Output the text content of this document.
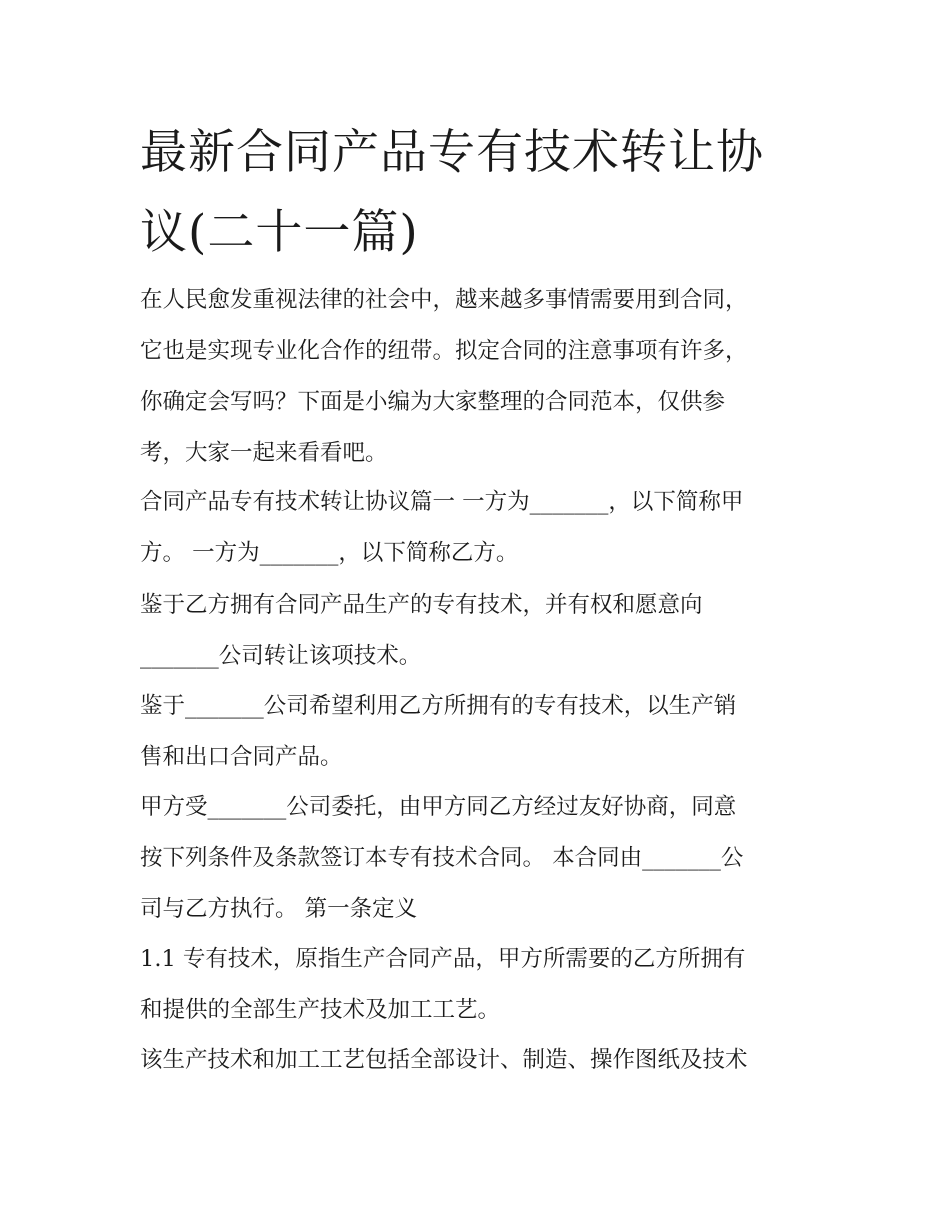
最新合同产品专有技术转让协
议(二十一篇)

在人民愈发重视法律的社会中，越来越多事情需要用到合同，
它也是实现专业化合作的纽带。拟定合同的注意事项有许多，
你确定会写吗？下面是小编为大家整理的合同范本，仅供参
考，大家一起来看看吧。

合同产品专有技术转让协议篇一 一方为_______，以下简称甲
方。 一方为_______，以下简称乙方。

鉴于乙方拥有合同产品生产的专有技术，并有权和愿意向
_______公司转让该项技术。

鉴于_______公司希望利用乙方所拥有的专有技术，以生产销
售和出口合同产品。

甲方受_______公司委托，由甲方同乙方经过友好协商，同意
按下列条件及条款签订本专有技术合同。 本合同由_______公
司与乙方执行。 第一条定义

1.1 专有技术，原指生产合同产品，甲方所需要的乙方所拥有
和提供的全部生产技术及加工工艺。

该生产技术和加工工艺包括全部设计、制造、操作图纸及技术
